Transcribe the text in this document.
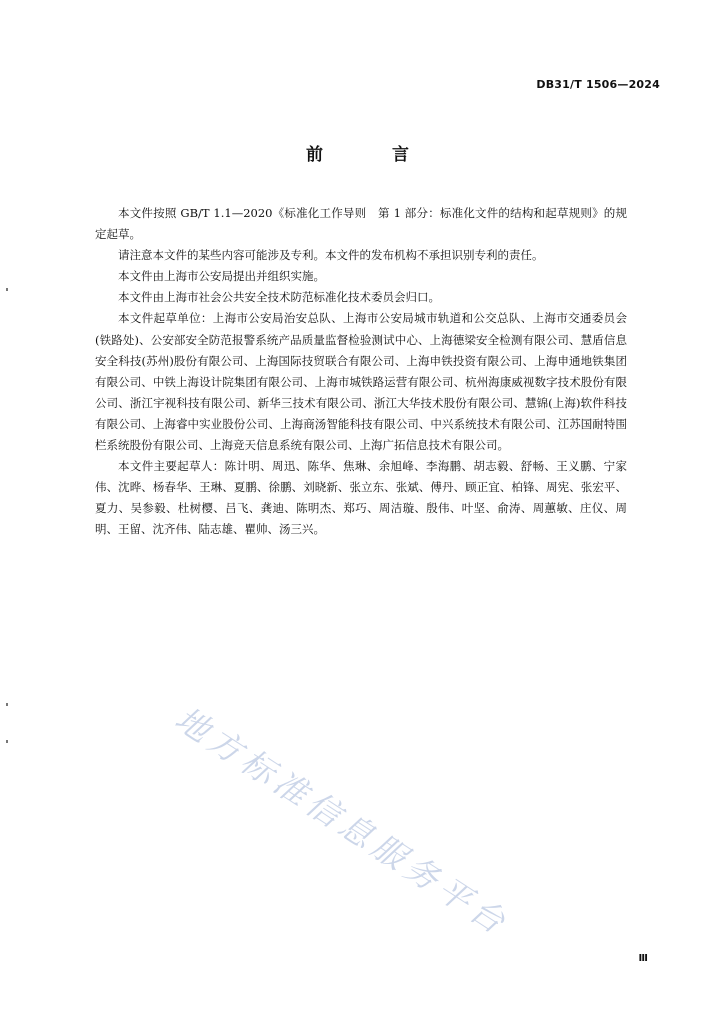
DB31/T 1506—2024
前　言

本文件按照 GB/T 1.1—2020《标准化工作导则　第 1 部分：标准化文件的结构和起草规则》的规定起草。

请注意本文件的某些内容可能涉及专利。本文件的发布机构不承担识别专利的责任。

本文件由上海市公安局提出并组织实施。

本文件由上海市社会公共安全技术防范标准化技术委员会归口。

本文件起草单位：上海市公安局治安总队、上海市公安局城市轨道和公交总队、上海市交通委员会(铁路处)、公安部安全防范报警系统产品质量监督检验测试中心、上海德梁安全检测有限公司、慧盾信息安全科技(苏州)股份有限公司、上海国际技贸联合有限公司、上海申铁投资有限公司、上海申通地铁集团有限公司、中铁上海设计院集团有限公司、上海市城铁路运营有限公司、杭州海康威视数字技术股份有限公司、浙江宇视科技有限公司、新华三技术有限公司、浙江大华技术股份有限公司、慧锦(上海)软件科技有限公司、上海睿中实业股份公司、上海商汤智能科技有限公司、中兴系统技术有限公司、江苏国耐特围栏系统股份有限公司、上海竞天信息系统有限公司、上海广拓信息技术有限公司。

本文件主要起草人：陈计明、周迅、陈华、焦琳、余旭峰、李海鹏、胡志毅、舒畅、王义鹏、宁家伟、沈晔、杨春华、王琳、夏鹏、徐鹏、刘晓新、张立东、张斌、傅丹、顾正宜、柏锋、周宪、张宏平、夏力、吴参毅、杜树樱、吕飞、龚迪、陈明杰、郑巧、周洁璇、殷伟、叶坚、俞涛、周蕙敏、庄仪、周明、王留、沈齐伟、陆志雄、瞿帅、汤三兴。

地方标准信息服务平台
Ⅲ
